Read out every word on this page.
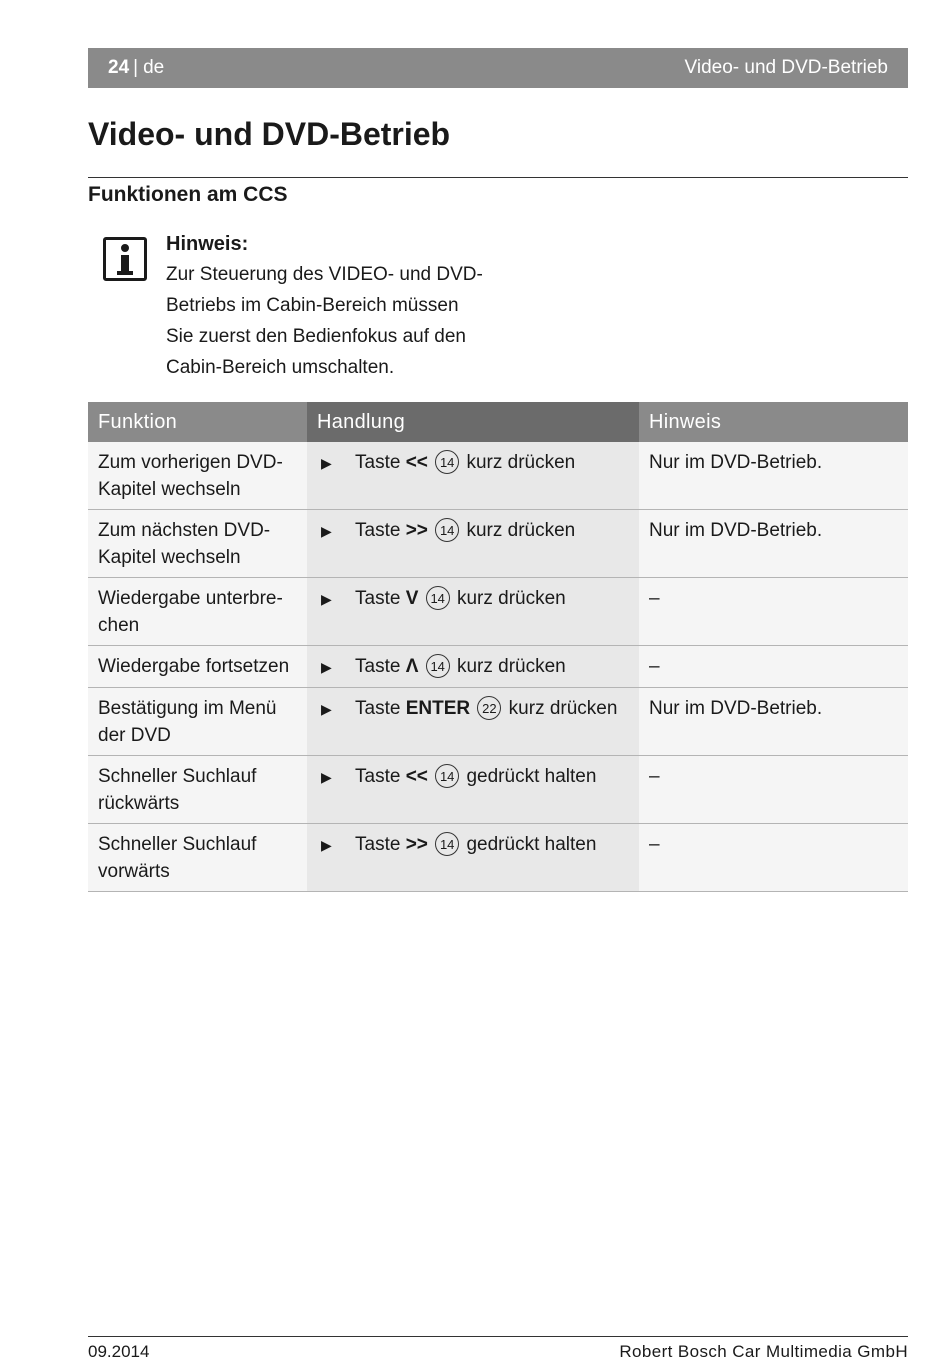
24 | de	Video- und DVD-Betrieb
Video- und DVD-Betrieb
Funktionen am CCS

Hinweis:

Zur Steuerung des VIDEO- und DVD-Betriebs im Cabin-Bereich müssen Sie zuerst den Bedienfokus auf den Cabin-Bereich umschalten.

Funktion	Handlung	Hinweis
Zum vorherigen DVD-Kapitel wechseln	▶ Taste << 14 kurz drücken	Nur im DVD-Betrieb.
Zum nächsten DVD-Kapitel wechseln	▶ Taste >> 14 kurz drücken	Nur im DVD-Betrieb.
Wiedergabe unterbre-chen	▶ Taste V 14 kurz drücken	–
Wiedergabe fortsetzen	▶ Taste Λ 14 kurz drücken	–
Bestätigung im Menü der DVD	▶ Taste ENTER 22 kurz drücken	Nur im DVD-Betrieb.
Schneller Suchlauf rückwärts	▶ Taste << 14 gedrückt halten	–
Schneller Suchlauf vorwärts	▶ Taste >> 14 gedrückt halten	–
09.2014	Robert Bosch Car Multimedia GmbH
